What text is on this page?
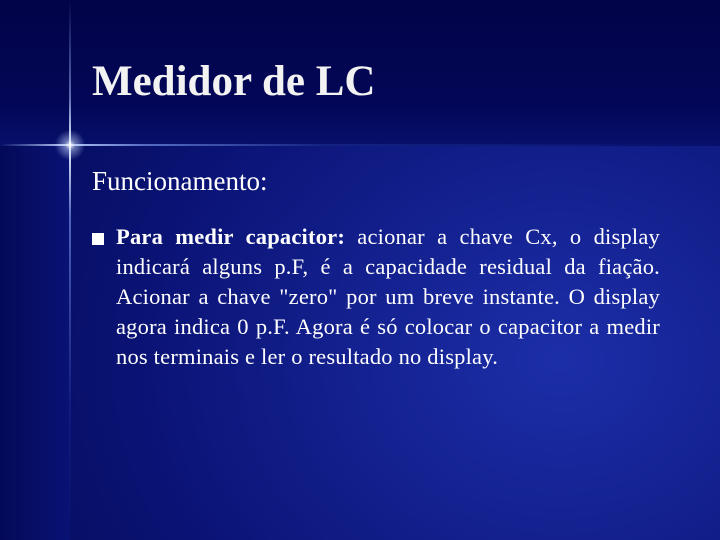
Medidor de LC
Funcionamento:

Para medir capacitor: acionar a chave Cx, o display indicará alguns p.F, é a capacidade residual da fiação. Acionar a chave "zero" por um breve instante. O display agora indica 0 p.F. Agora é só colocar o capacitor a medir nos terminais e ler o resultado no display.
